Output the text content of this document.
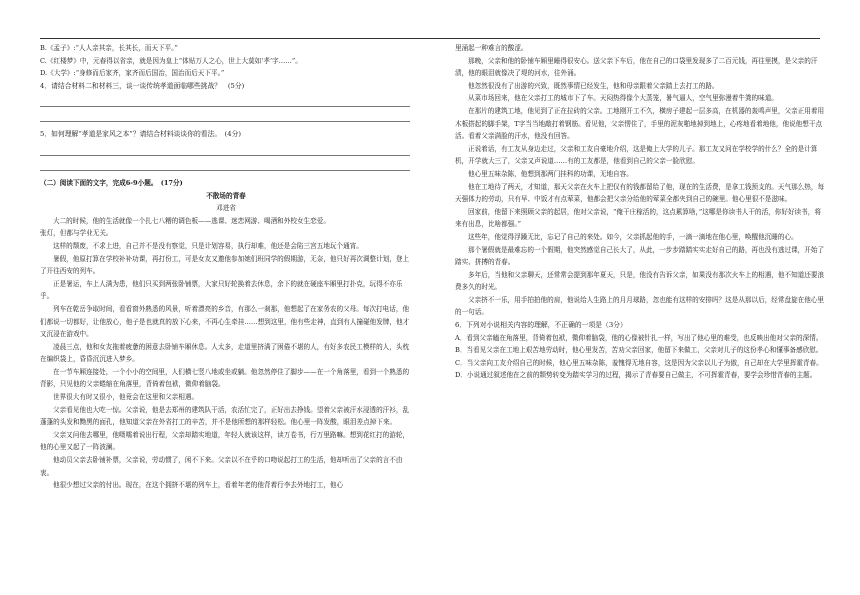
B.《孟子》:“人人亲其亲，长其长，而天下平。”

C.《红楼梦》中，元春得以省亲，就是因为皇上“体贴万人之心，世上大莫如‘孝’字……”。

D.《大学》:“身修而后家齐，家齐而后国治，国治而后天下平。”

4．请结合材料二和材料三，谈一谈传统孝道面临哪些挑战？　(5分)

5．如何理解“孝道是家风之本”？请结合材料谈谈你的看法。　(4分)

（二）阅读下面的文字，完成6-9小题。　(17分)

不散场的青春

邓进省

大二的时候，他的生活就像一个扎七八糟的调色板——逃课、迷恋网游、喝酒和外校女生恋爱。

张灯，但都与学业无关。

这样的颓废，不求上进，自己并不是没有察觉，只是计划容易，执行却难，他还是会陷三宫五地玩个通宵。

暑假，他原打算在学校补补功课，再打份工，可是女友又邀他参加她们班同学的假期游，无奈，他只好再次调整计划，登上了开往西安的列车。

正是暑运，车上人满为患，他们只买到两张卧铺票，大家只好轮换着去休息，余下的就在硬座车厢里打扑克，玩得不亦乐乎。

列车在乾岳争取时间，看看窗外熟悉的风景，听着漂亮的乡音，有那么一刹那，他想起了在家务农的父母。每次打电话，他们都说一切都好，让他放心，他子是也就真的放下心来，不再心生牵挂……想到这里，他有些走神，直到有人撞碰他发牌，他才又沉浸在游戏中。

凌晨三点，他和女友拖着疲惫的困意去卧铺车厢休息。人太多，走道里挤满了困倦不堪的人，有好多农民工模样的人，头枕在编织袋上，昏昏沉沉进入梦乡。

在一节车厢连接处，一个小小的空间里，人们横七竖八地或坐或躺。他忽然停住了脚步——在一个角落里，看到一个熟悉的背影，只见他的父亲蜷缩在角落里，背倚着包袱，微仰着脑袋。

世界很大有时又很小，他竟会在这里和父亲相遇。

父亲看见他也大吃一惊。父亲说，他是去郑州的建筑队干活，农活忙完了，正好出去挣钱。望着父亲被汗水浸透的汗衫，乱蓬蓬的头发和黝黑的面孔，他知道父亲在外省打工的辛苦，并不是他所想的那样轻松。他心里一阵发酸，眼泪差点掉下来。

父亲又问他去哪里，他嗫嚅着说出行程，父亲却踏实地道，年轻人就该这样，读万卷书，行万里路嘛。想到花红打的游轮，他的心里又起了一阵波澜。

他动员父亲去卧铺补票，父亲说，劳动惯了，闲不下来。父亲以不在乎的口吻说起打工的生活，他却听出了父亲的言不由衷。

他很少想过父亲的付出。现在，在这个拥挤不堪的列车上，看着年老的他背着行李去外地打工，他心

里涌起一种难言的酸涩。

那晚，父亲和他的卧铺车厢里睡得很安心。送父亲下车后，他在自己的口袋里发现多了二百元钱，再往里摸，是父亲的汗渍，他的眼泪就像决了堤的河水，往外涌。

他忽然很没有了出游的兴致，既然事情已经发生，他和母亲跟着父亲踏上去打工的路。

从菜市场回来，他在父亲打工的城市下了车。天闷热得像个大蒸笼，暑气逼人，空气里弥漫着牛粪的味道。

在那片的建筑工地，他见到了正在拉砖的父亲。工地刚开工不久，横房子建起一层多高，在机器的轰鸣声里，父亲正用着用木板搭起的脚手架，T字当当地敲打着钢筋。看见他，父亲愣住了，手里的泥灰啪地掉到地上，心疼地看着地他，他说他想干点活。看着父亲满脸的汗水，他没有回答。

正说着话，有工友从身边走过，父亲和工友自豪地介绍，这是俺上大学的儿子。那工友又问在学校学的什么？全的是计算机，开学就大三了，父亲又声说道……有的工友都是，他看到自己的父亲一脸欣慰。

他心里五味杂陈，他想到那两门挂科的功课，无地自容。

他在工地待了两天，才知道，那天父亲在火车上把仅有的钱都留给了他，现在的生活费，是拿工钱预支的。天气那么热，每天强体力的劳动，只有早、中饭才有点荤菜，他都会把父亲分给他的荤菜全都夹到自己的碗里。他心里很不是滋味。

回家前，他留下来照顾父亲的起居，他对父亲说，“俺干庄稼活的，这点累算啥，”这哪是你读书人干的活，你好好读书，将来有出息，比啥都强。”

这些年，他觉得浮躁无比，忘记了自己的来处。如今，父亲抓起他的手，一滴一滴地在他心里，唤醒他沉睡的心。

那个暑假就是最难忘的一个假期，他突然感觉自己长大了，从此，一步步踏踏实实走好自己的路，再也没有逃过课，开始了踏实、拼搏的青春。

多年后，当他和父亲聊天，还常常会提到那年夏天，只是，他没有告诉父亲，如果没有那次火车上的相遇，他不知道还要浪费多久的时光。

父亲挤不一乐，用手拍拍他的肩，他说给人生路上的月月球路，忽也能有这样的安排吗？这是从那以后，经常盘旋在他心里的一句话。

6．下列对小说相关内容的理解，不正确的一项是（3分）

A．看到父亲瞌在角落里，背倚着包袱，微仰着脑袋，他的心像被针扎一样，写出了他心里的难受，也反映出他对父亲的深情。

B．当看见父亲在工地上艰苦地劳动时，他心里发苦，苦劝父亲回家，他留下来做工，父亲对儿子的这份孝心和懂事备感欣慰。

C．当父亲向工友介绍自己的时候，他心里五味杂陈，羞愧得无地自容，这是因为父亲以儿子为傲，自己却在大学里挥霍青春。

D．小说通过叙述他在之前的颓势转变为踏实学习的过程，揭示了青春要自己做主，不可挥霍青春，要学会珍惜青春的主题。
